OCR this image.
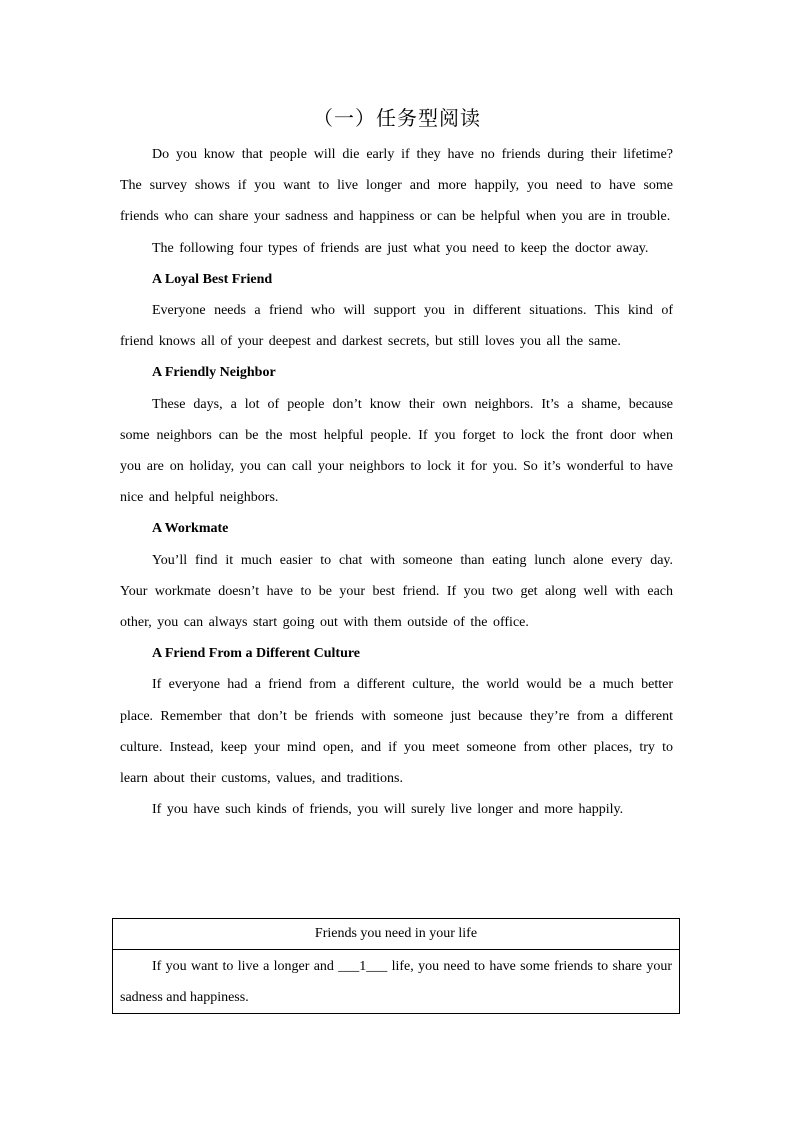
（一）任务型阅读

Do you know that people will die early if they have no friends during their lifetime? The survey shows if you want to live longer and more happily, you need to have some friends who can share your sadness and happiness or can be helpful when you are in trouble.

The following four types of friends are just what you need to keep the doctor away.

A Loyal Best Friend

Everyone needs a friend who will support you in different situations. This kind of friend knows all of your deepest and darkest secrets, but still loves you all the same.

A Friendly Neighbor

These days, a lot of people don’t know their own neighbors. It’s a shame, because some neighbors can be the most helpful people. If you forget to lock the front door when you are on holiday, you can call your neighbors to lock it for you. So it’s wonderful to have nice and helpful neighbors.

A Workmate

You’ll find it much easier to chat with someone than eating lunch alone every day. Your workmate doesn’t have to be your best friend. If you two get along well with each other, you can always start going out with them outside of the office.

A Friend From a Different Culture

If everyone had a friend from a different culture, the world would be a much better place. Remember that don’t be friends with someone just because they’re from a different culture. Instead, keep your mind open, and if you meet someone from other places, try to learn about their customs, values, and traditions.

If you have such kinds of friends, you will surely live longer and more happily.

Friends you need in your life
If you want to live a longer and ___1___ life, you need to have some friends to share your sadness and happiness.
